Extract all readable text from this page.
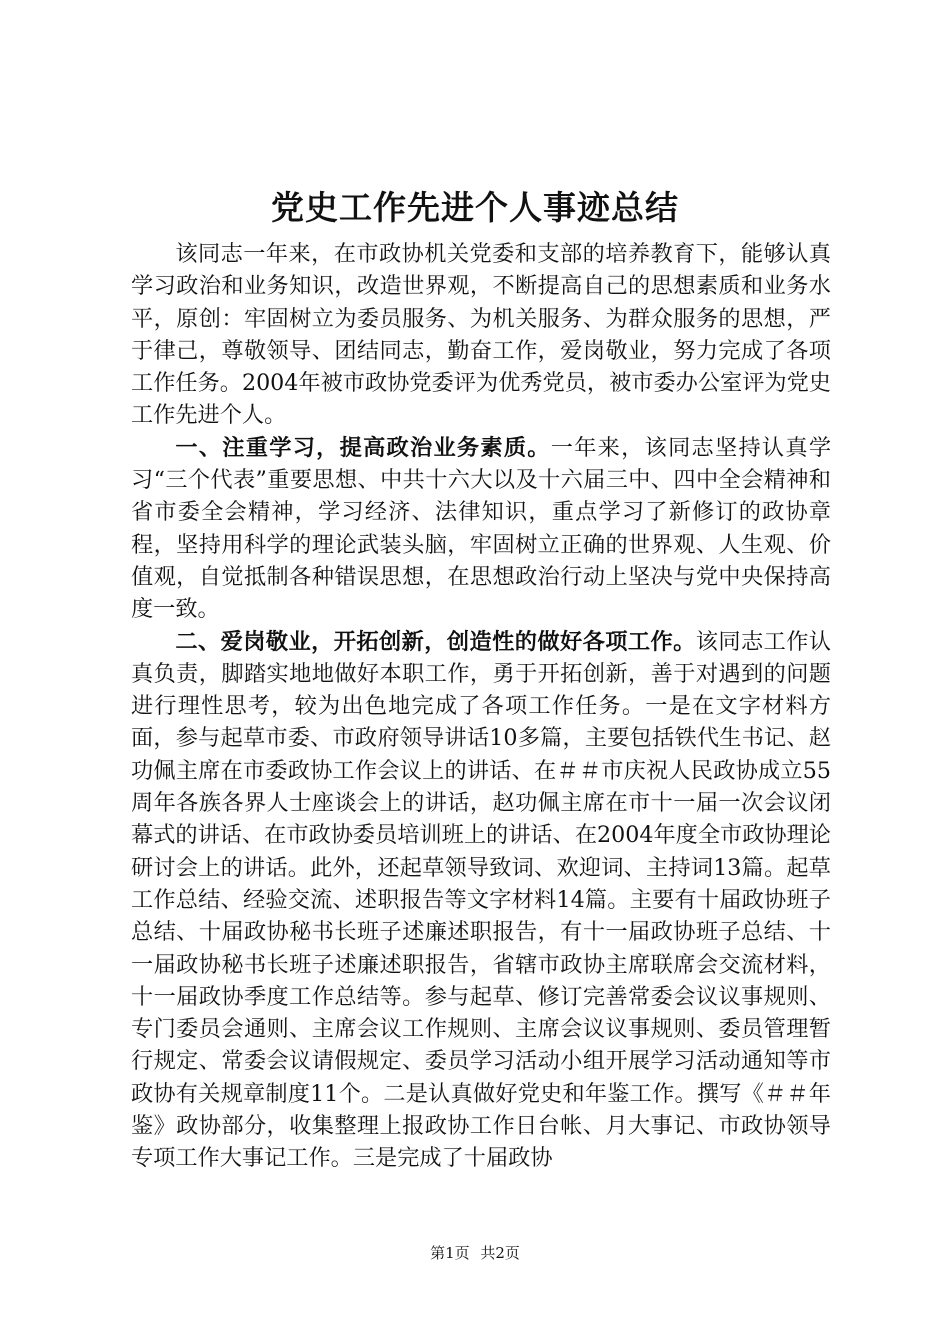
党史工作先进个人事迹总结

该同志一年来，在市政协机关党委和支部的培养教育下，能够认真学习政治和业务知识，改造世界观，不断提高自己的思想素质和业务水平，原创：牢固树立为委员服务、为机关服务、为群众服务的思想，严于律己，尊敬领导、团结同志，勤奋工作，爱岗敬业，努力完成了各项工作任务。2004年被市政协党委评为优秀党员，被市委办公室评为党史工作先进个人。

一、注重学习，提高政治业务素质。一年来，该同志坚持认真学习“三个代表”重要思想、中共十六大以及十六届三中、四中全会精神和省市委全会精神，学习经济、法律知识，重点学习了新修订的政协章程，坚持用科学的理论武装头脑，牢固树立正确的世界观、人生观、价值观，自觉抵制各种错误思想，在思想政治行动上坚决与党中央保持高度一致。

二、爱岗敬业，开拓创新，创造性的做好各项工作。该同志工作认真负责，脚踏实地地做好本职工作，勇于开拓创新，善于对遇到的问题进行理性思考，较为出色地完成了各项工作任务。一是在文字材料方面，参与起草市委、市政府领导讲话10多篇，主要包括铁代生书记、赵功佩主席在市委政协工作会议上的讲话、在＃＃市庆祝人民政协成立55周年各族各界人士座谈会上的讲话，赵功佩主席在市十一届一次会议闭幕式的讲话、在市政协委员培训班上的讲话、在2004年度全市政协理论研讨会上的讲话。此外，还起草领导致词、欢迎词、主持词13篇。起草工作总结、经验交流、述职报告等文字材料14篇。主要有十届政协班子总结、十届政协秘书长班子述廉述职报告，有十一届政协班子总结、十一届政协秘书长班子述廉述职报告，省辖市政协主席联席会交流材料，十一届政协季度工作总结等。参与起草、修订完善常委会议议事规则、专门委员会通则、主席会议工作规则、主席会议议事规则、委员管理暂行规定、常委会议请假规定、委员学习活动小组开展学习活动通知等市政协有关规章制度11个。二是认真做好党史和年鉴工作。撰写《＃＃年鉴》政协部分，收集整理上报政协工作日台帐、月大事记、市政协领导专项工作大事记工作。三是完成了十届政协

第1页 共2页
